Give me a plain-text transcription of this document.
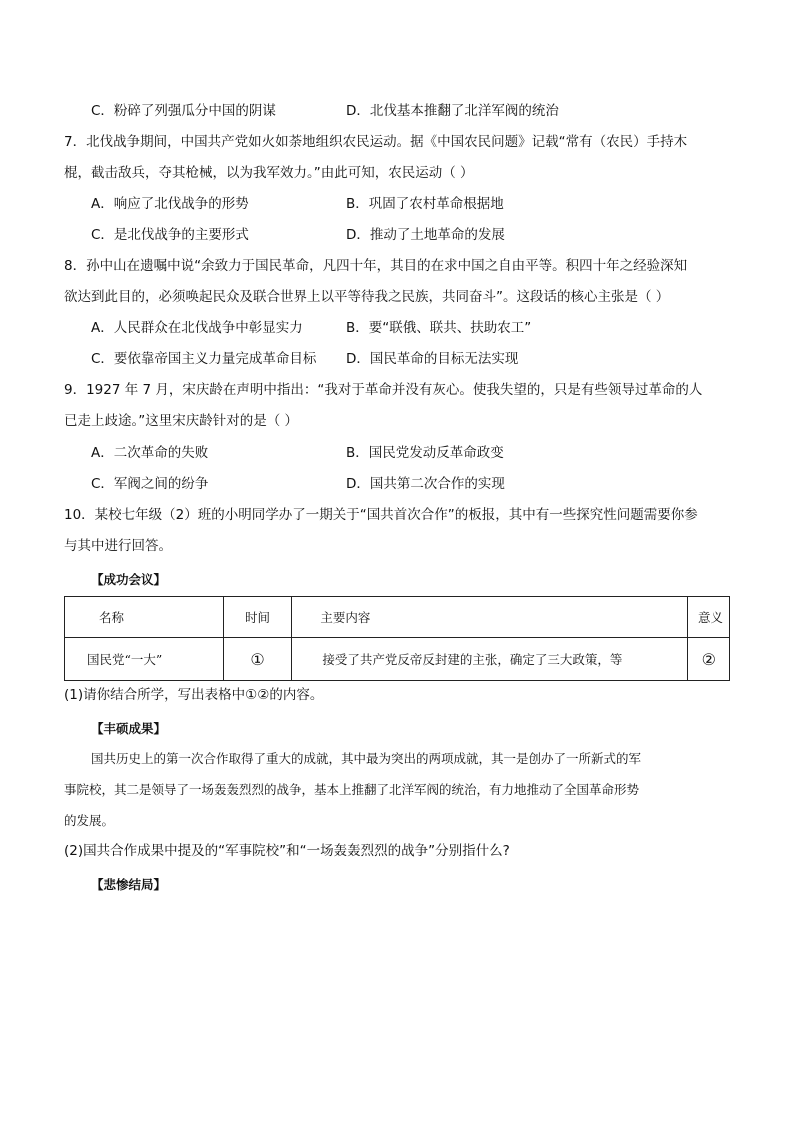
C．粉碎了列强瓜分中国的阴谋	D．北伐基本推翻了北洋军阀的统治
7．北伐战争期间，中国共产党如火如荼地组织农民运动。据《中国农民问题》记载“常有（农民）手持木
棍，截击敌兵，夺其枪械，以为我军效力。”由此可知，农民运动（ ）
A．响应了北伐战争的形势	B．巩固了农村革命根据地
C．是北伐战争的主要形式	D．推动了土地革命的发展
8．孙中山在遗嘱中说“余致力于国民革命，凡四十年，其目的在求中国之自由平等。积四十年之经验深知
欲达到此目的，必须唤起民众及联合世界上以平等待我之民族，共同奋斗”。这段话的核心主张是（ ）
A．人民群众在北伐战争中彰显实力	B．要“联俄、联共、扶助农工”
C．要依靠帝国主义力量完成革命目标 D．国民革命的目标无法实现
9．1927 年 7 月，宋庆龄在声明中指出：“我对于革命并没有灰心。使我失望的，只是有些领导过革命的人
已走上歧途。”这里宋庆龄针对的是（ ）
A．二次革命的失败	B．国民党发动反革命政变
C．军阀之间的纷争	D．国共第二次合作的实现
10．某校七年级（2）班的小明同学办了一期关于“国共首次合作”的板报，其中有一些探究性问题需要你参
与其中进行回答。
【成功会议】
名称	时间	主要内容	意义
国民党“一大”	①	接受了共产党反帝反封建的主张，确定了三大政策，等	②
(1)请你结合所学，写出表格中①②的内容。
【丰硕成果】
国共历史上的第一次合作取得了重大的成就，其中最为突出的两项成就，其一是创办了一所新式的军
事院校，其二是领导了一场轰轰烈烈的战争，基本上推翻了北洋军阀的统治，有力地推动了全国革命形势
的发展。
(2)国共合作成果中提及的“军事院校”和“一场轰轰烈烈的战争”分别指什么?
【悲惨结局】
